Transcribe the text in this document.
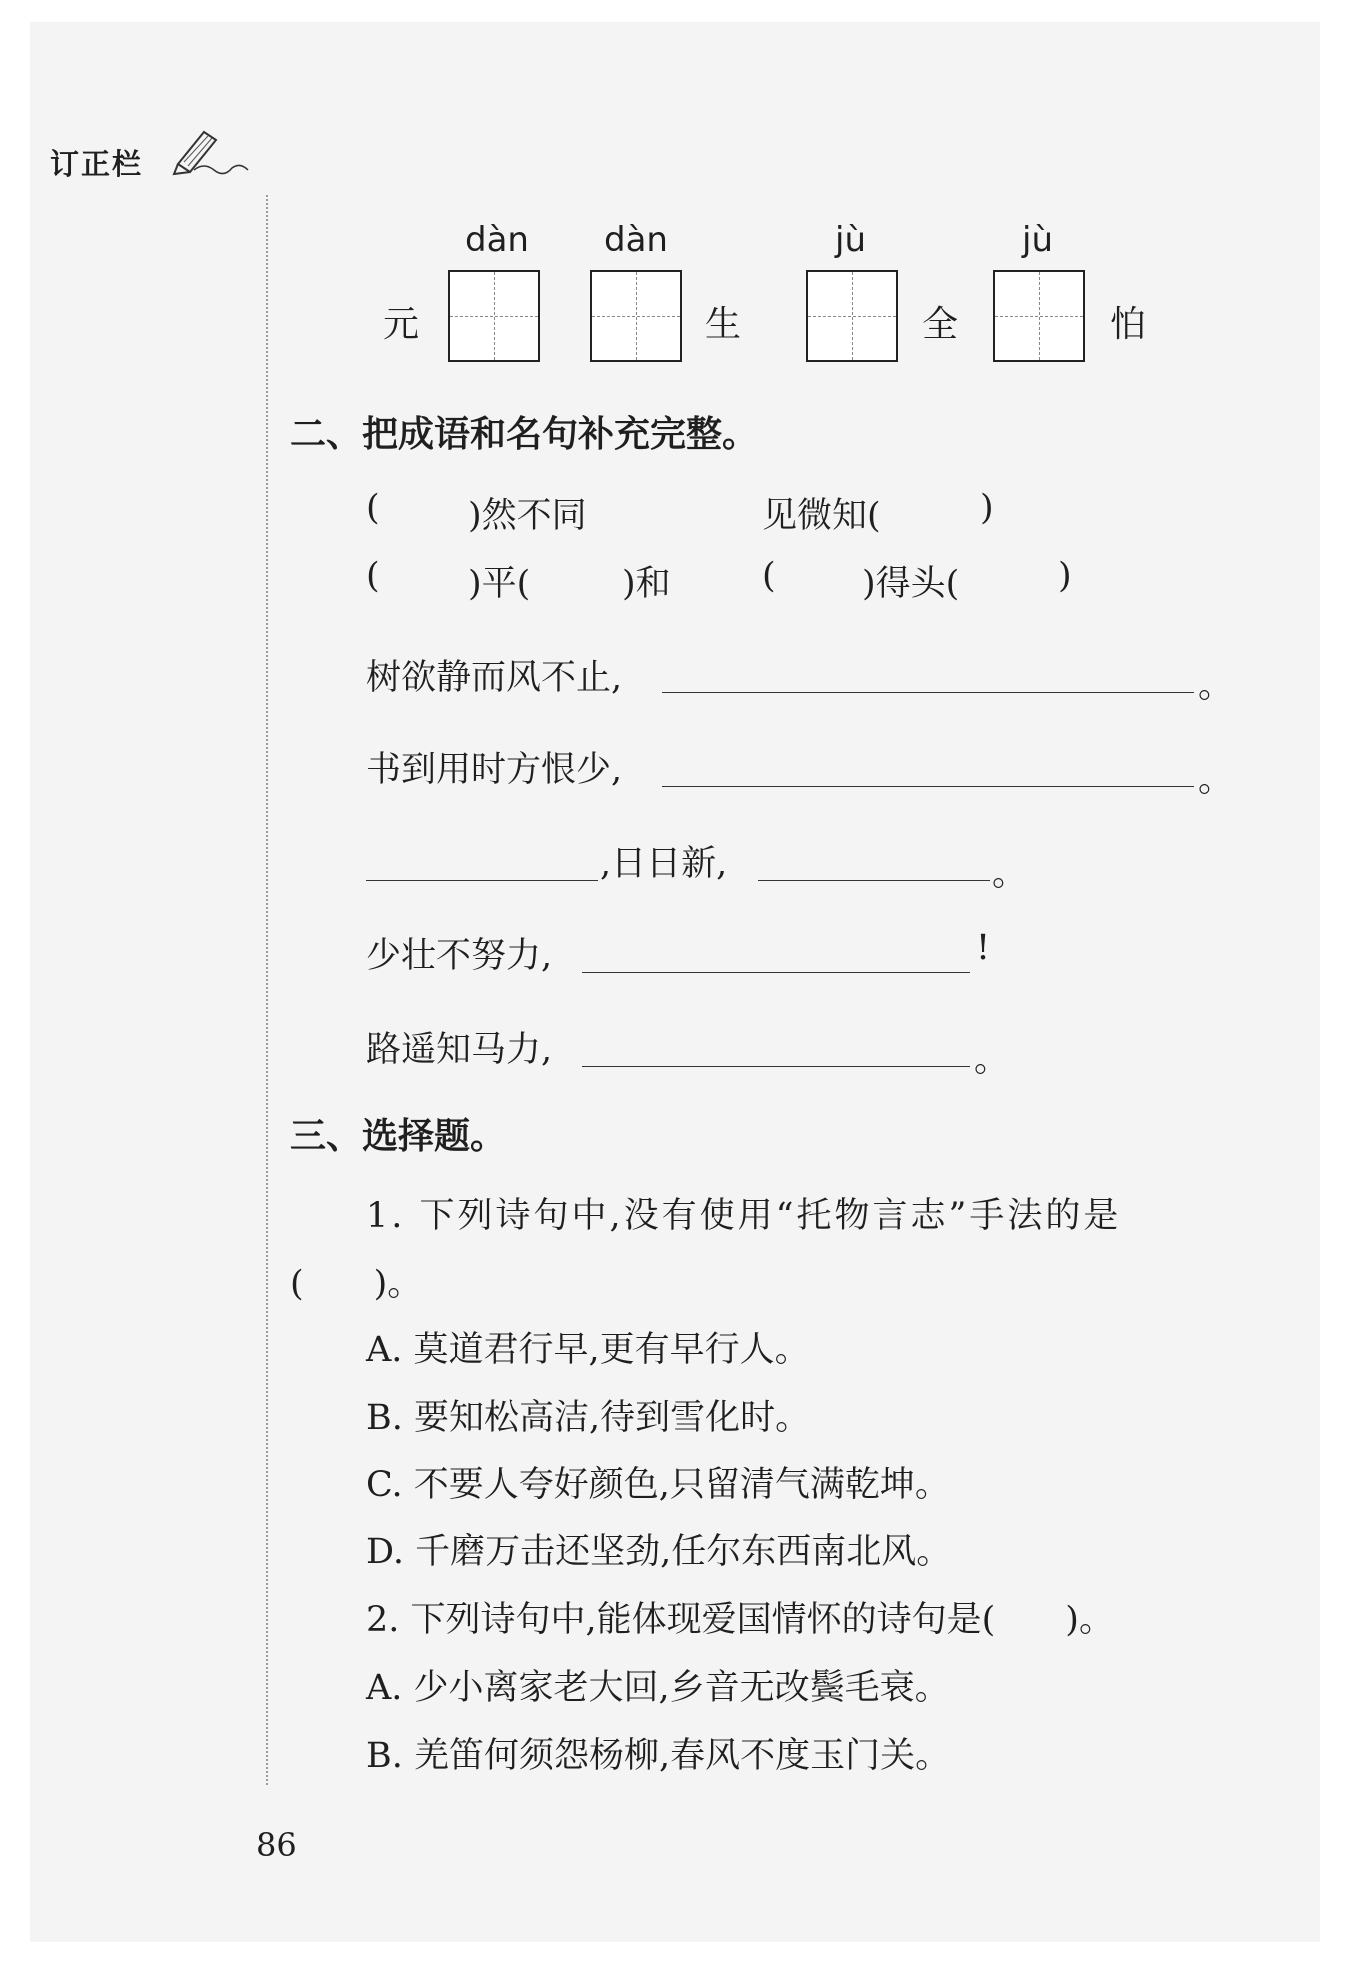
订正栏
dàn dàn	jù	jù
元	生	全	怕
二、把成语和名句补充完整。
(	)然不同	见微知(	)
(	)平(	)和	( )得头(	)
树欲静而风不止,	。
书到用时方恨少,	。
,日日新,	。
少壮不努力,	!
路遥知马力,	。
三、选择题。
1. 下列诗句中,没有使用“托物言志”手法的是
(　　)。
A. 莫道君行早,更有早行人。
B. 要知松高洁,待到雪化时。
C. 不要人夸好颜色,只留清气满乾坤。
D. 千磨万击还坚劲,任尔东西南北风。
2. 下列诗句中,能体现爱国情怀的诗句是(　　)。
A. 少小离家老大回,乡音无改鬓毛衰。
B. 羌笛何须怨杨柳,春风不度玉门关。
86
